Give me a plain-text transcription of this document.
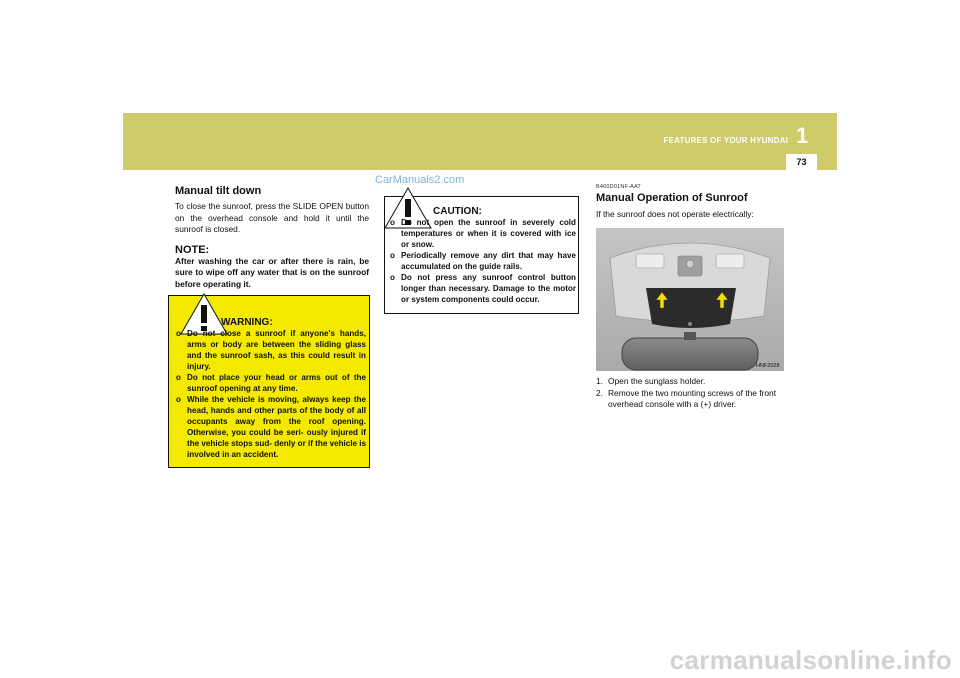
1
FEATURES OF YOUR HYUNDAI
73
CarManuals2.com
carmanualsonline.info
Manual tilt down

To close the sunroof, press the SLIDE OPEN button on the overhead console and hold it until the sunroof is closed.

NOTE:

After washing the car or after there is rain, be sure to wipe off any water that is on the sunroof before operating it.

WARNING:
o Do not close a sunroof if anyone's hands, arms or body are between the sliding glass and the sunroof sash, as this could result in injury.
o Do not place your head or arms out of the sunroof opening at any time.
o While the vehicle is moving, always keep the head, hands and other parts of the body of all occupants away from the roof opening. Otherwise, you could be seri- ously injured if the vehicle stops sud- denly or if the vehicle is involved in an accident.
CAUTION:
o Do not open the sunroof in severely cold temperatures or when it is covered with ice or snow.
o Periodically remove any dirt that may have accumulated on the guide rails.
o Do not press any sunroof control button longer than necessary. Damage to the motor or system components could occur.
B460D01NF-AAT
Manual Operation of Sunroof

If the sunroof does not operate electrically:

HNF2028
1. Open the sunglass holder.
2. Remove the two mounting screws of the front overhead console with a (+) driver.
